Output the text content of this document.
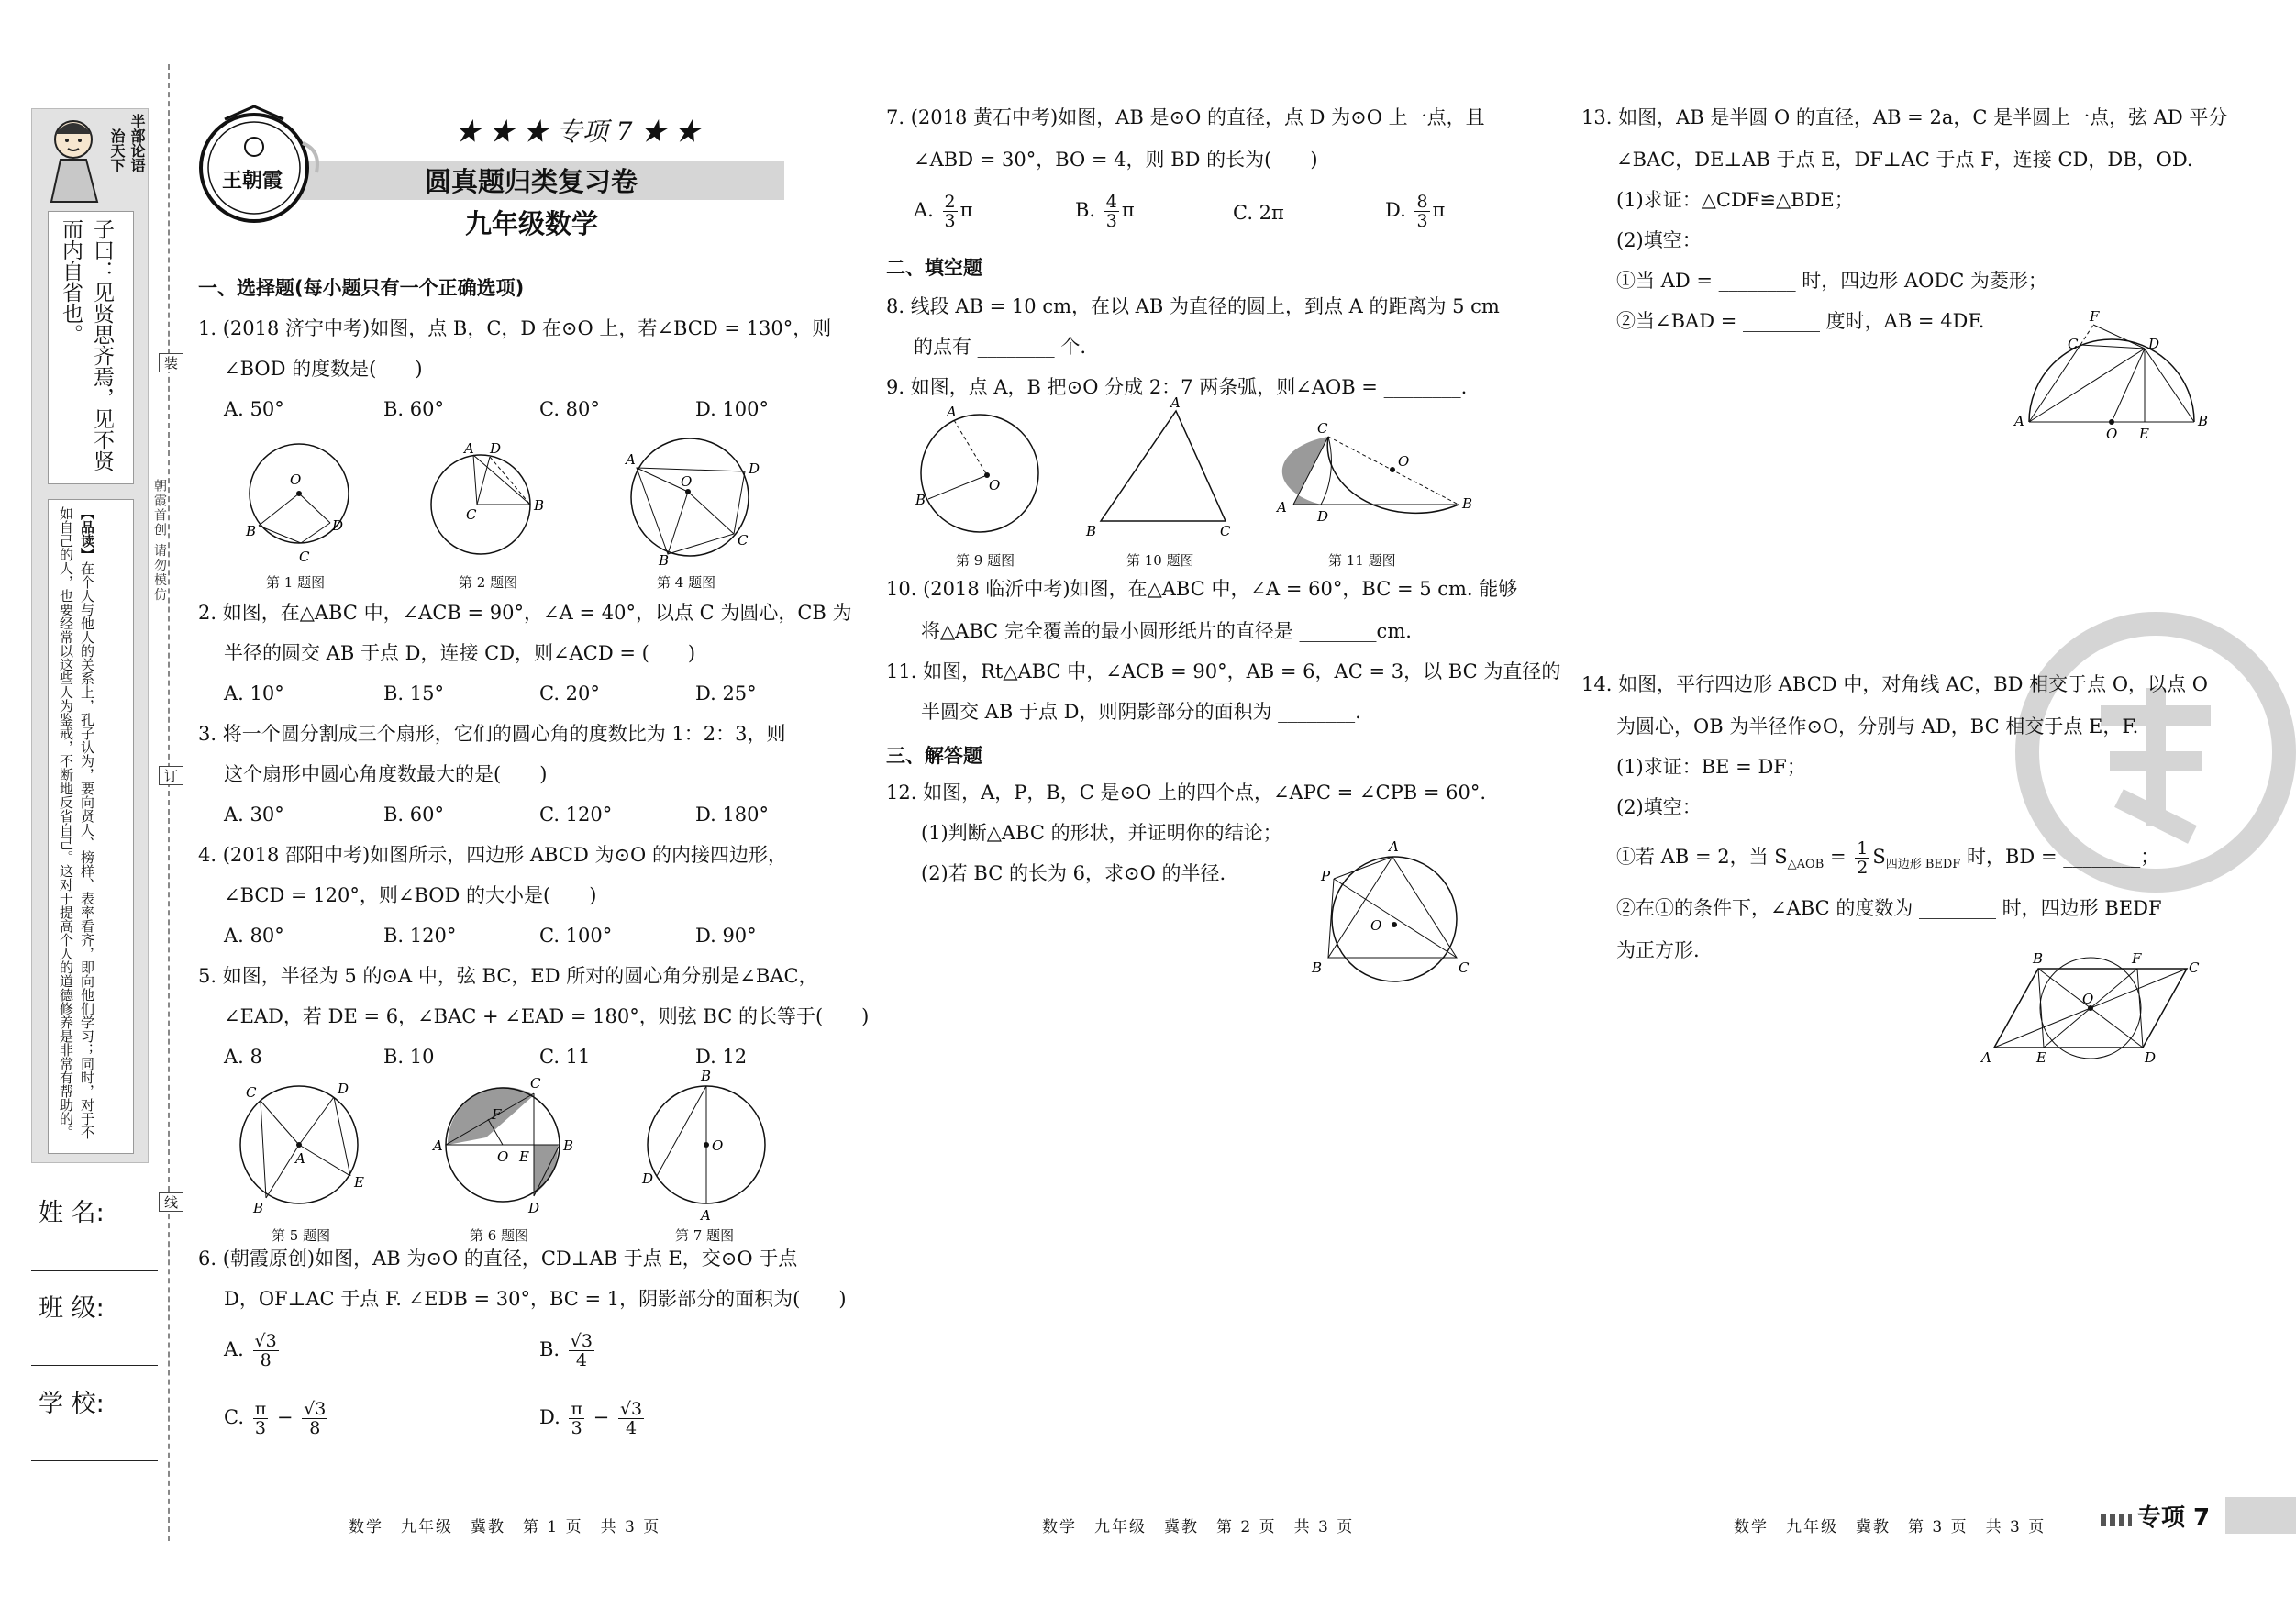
半部论语
治天下
子曰：见贤思齐焉，见不贤而内自省也。
【品读】在个人与他人的关系上，孔子认为，要向贤人、榜样、表率看齐，即向他们学习；同时，对于不如自己的人，也要经常以这些人为鉴戒，不断地反省自己。这对于提高个人的道德修养是非常有帮助的。
姓 名:
班 级:
学 校:
装
订
线
朝霞首创 请勿模仿
王朝霞
★ ★ ★ 专项 7 ★ ★
圆真题归类复习卷
九年级数学
一、选择题(每小题只有一个正确选项)
1. (2018 济宁中考)如图，点 B，C，D 在⊙O 上，若∠BCD = 130°，则
∠BOD 的度数是(　　)
A. 50°	B. 60°	C. 80°	D. 100°
O
B	D
C
A D
C
B
A
D
C
B
O
第 1 题图	第 2 题图	第 4 题图
2. 如图，在△ABC 中，∠ACB = 90°，∠A = 40°，以点 C 为圆心，CB 为
半径的圆交 AB 于点 D，连接 CD，则∠ACD = (　　)
A. 10°	B. 15°	C. 20°	D. 25°
3. 将一个圆分割成三个扇形，它们的圆心角的度数比为 1：2：3，则
这个扇形中圆心角度数最大的是(　　)
A. 30°	B. 60°	C. 120°	D. 180°
4. (2018 邵阳中考)如图所示，四边形 ABCD 为⊙O 的内接四边形，
∠BCD = 120°，则∠BOD 的大小是(　　)
A. 80°	B. 120°	C. 100°	D. 90°
5. 如图，半径为 5 的⊙A 中，弦 BC，ED 所对的圆心角分别是∠BAC，
∠EAD，若 DE = 6，∠BAC + ∠EAD = 180°，则弦 BC 的长等于(　　)
A. 8	B. 10	C. 11	D. 12
C	D
E
B
A
A	B
C
D
F
O E
B
D
O
A
第 5 题图	第 6 题图	第 7 题图
6. (朝霞原创)如图，AB 为⊙O 的直径，CD⊥AB 于点 E，交⊙O 于点
D，OF⊥AC 于点 F. ∠EDB = 30°，BC = 1，阴影部分的面积为(　　)
A. $\frac{√3}{8}$	B. $\frac{√3}{4}$
C. $\frac{\pi}{3} - \frac{√3}{8}$	D. $\frac{\pi}{3} - \frac{√3}{4}$
数学　九年级　冀教　第 1 页　共 3 页
7. (2018 黄石中考)如图，AB 是⊙O 的直径，点 D 为⊙O 上一点，且
∠ABD = 30°，BO = 4，则 BD 的长为(　　)
A. $\frac{2}{3}$ π	B. $\frac{4}{3}$ π	C. 2π	D. $\frac{8}{3}$ π
二、填空题
8. 线段 AB = 10 cm，在以 AB 为直径的圆上，到点 A 的距离为 5 cm
的点有 ________ 个.
9. 如图，点 A，B 把⊙O 分成 2：7 两条弧，则∠AOB = ________.
A
B
O
A
B	C
A
C
D
O
B
第 9 题图	第 10 题图	第 11 题图
10. (2018 临沂中考)如图，在△ABC 中，∠A = 60°，BC = 5 cm. 能够
将△ABC 完全覆盖的最小圆形纸片的直径是 ________cm.
11. 如图，Rt△ABC 中，∠ACB = 90°，AB = 6，AC = 3，以 BC 为直径的
半圆交 AB 于点 D，则阴影部分的面积为 ________.
三、解答题
12. 如图，A，P，B，C 是⊙O 上的四个点，∠APC = ∠CPB = 60°.
(1)判断△ABC 的形状，并证明你的结论；
(2)若 BC 的长为 6，求⊙O 的半径.
A
P
O
B	C
数学　九年级　冀教　第 2 页　共 3 页
13. 如图，AB 是半圆 O 的直径，AB = 2a，C 是半圆上一点，弦 AD 平分
∠BAC，DE⊥AB 于点 E，DF⊥AC 于点 F，连接 CD，DB，OD.
(1)求证：△CDF≌△BDE；
(2)填空：
①当 AD = ________ 时，四边形 AODC 为菱形；
②当∠BAD = ________ 度时，AB = 4DF.
A
C
F
D
O E
B
14. 如图，平行四边形 ABCD 中，对角线 AC，BD 相交于点 O，以点 O
为圆心，OB 为半径作⊙O，分别与 AD，BC 相交于点 E，F.
(1)求证：BE = DF；
(2)填空：
①若 AB = 2，当 $S_{\triangle AOB} = \frac{1}{2} S_{四边形 BEDF}$ 时，BD = ________；
②在①的条件下，∠ABC 的度数为 ________ 时，四边形 BEDF
为正方形.	B	F
C
O
A	E	D
数学　九年级　冀教　第 3 页　共 3 页	专项 7
